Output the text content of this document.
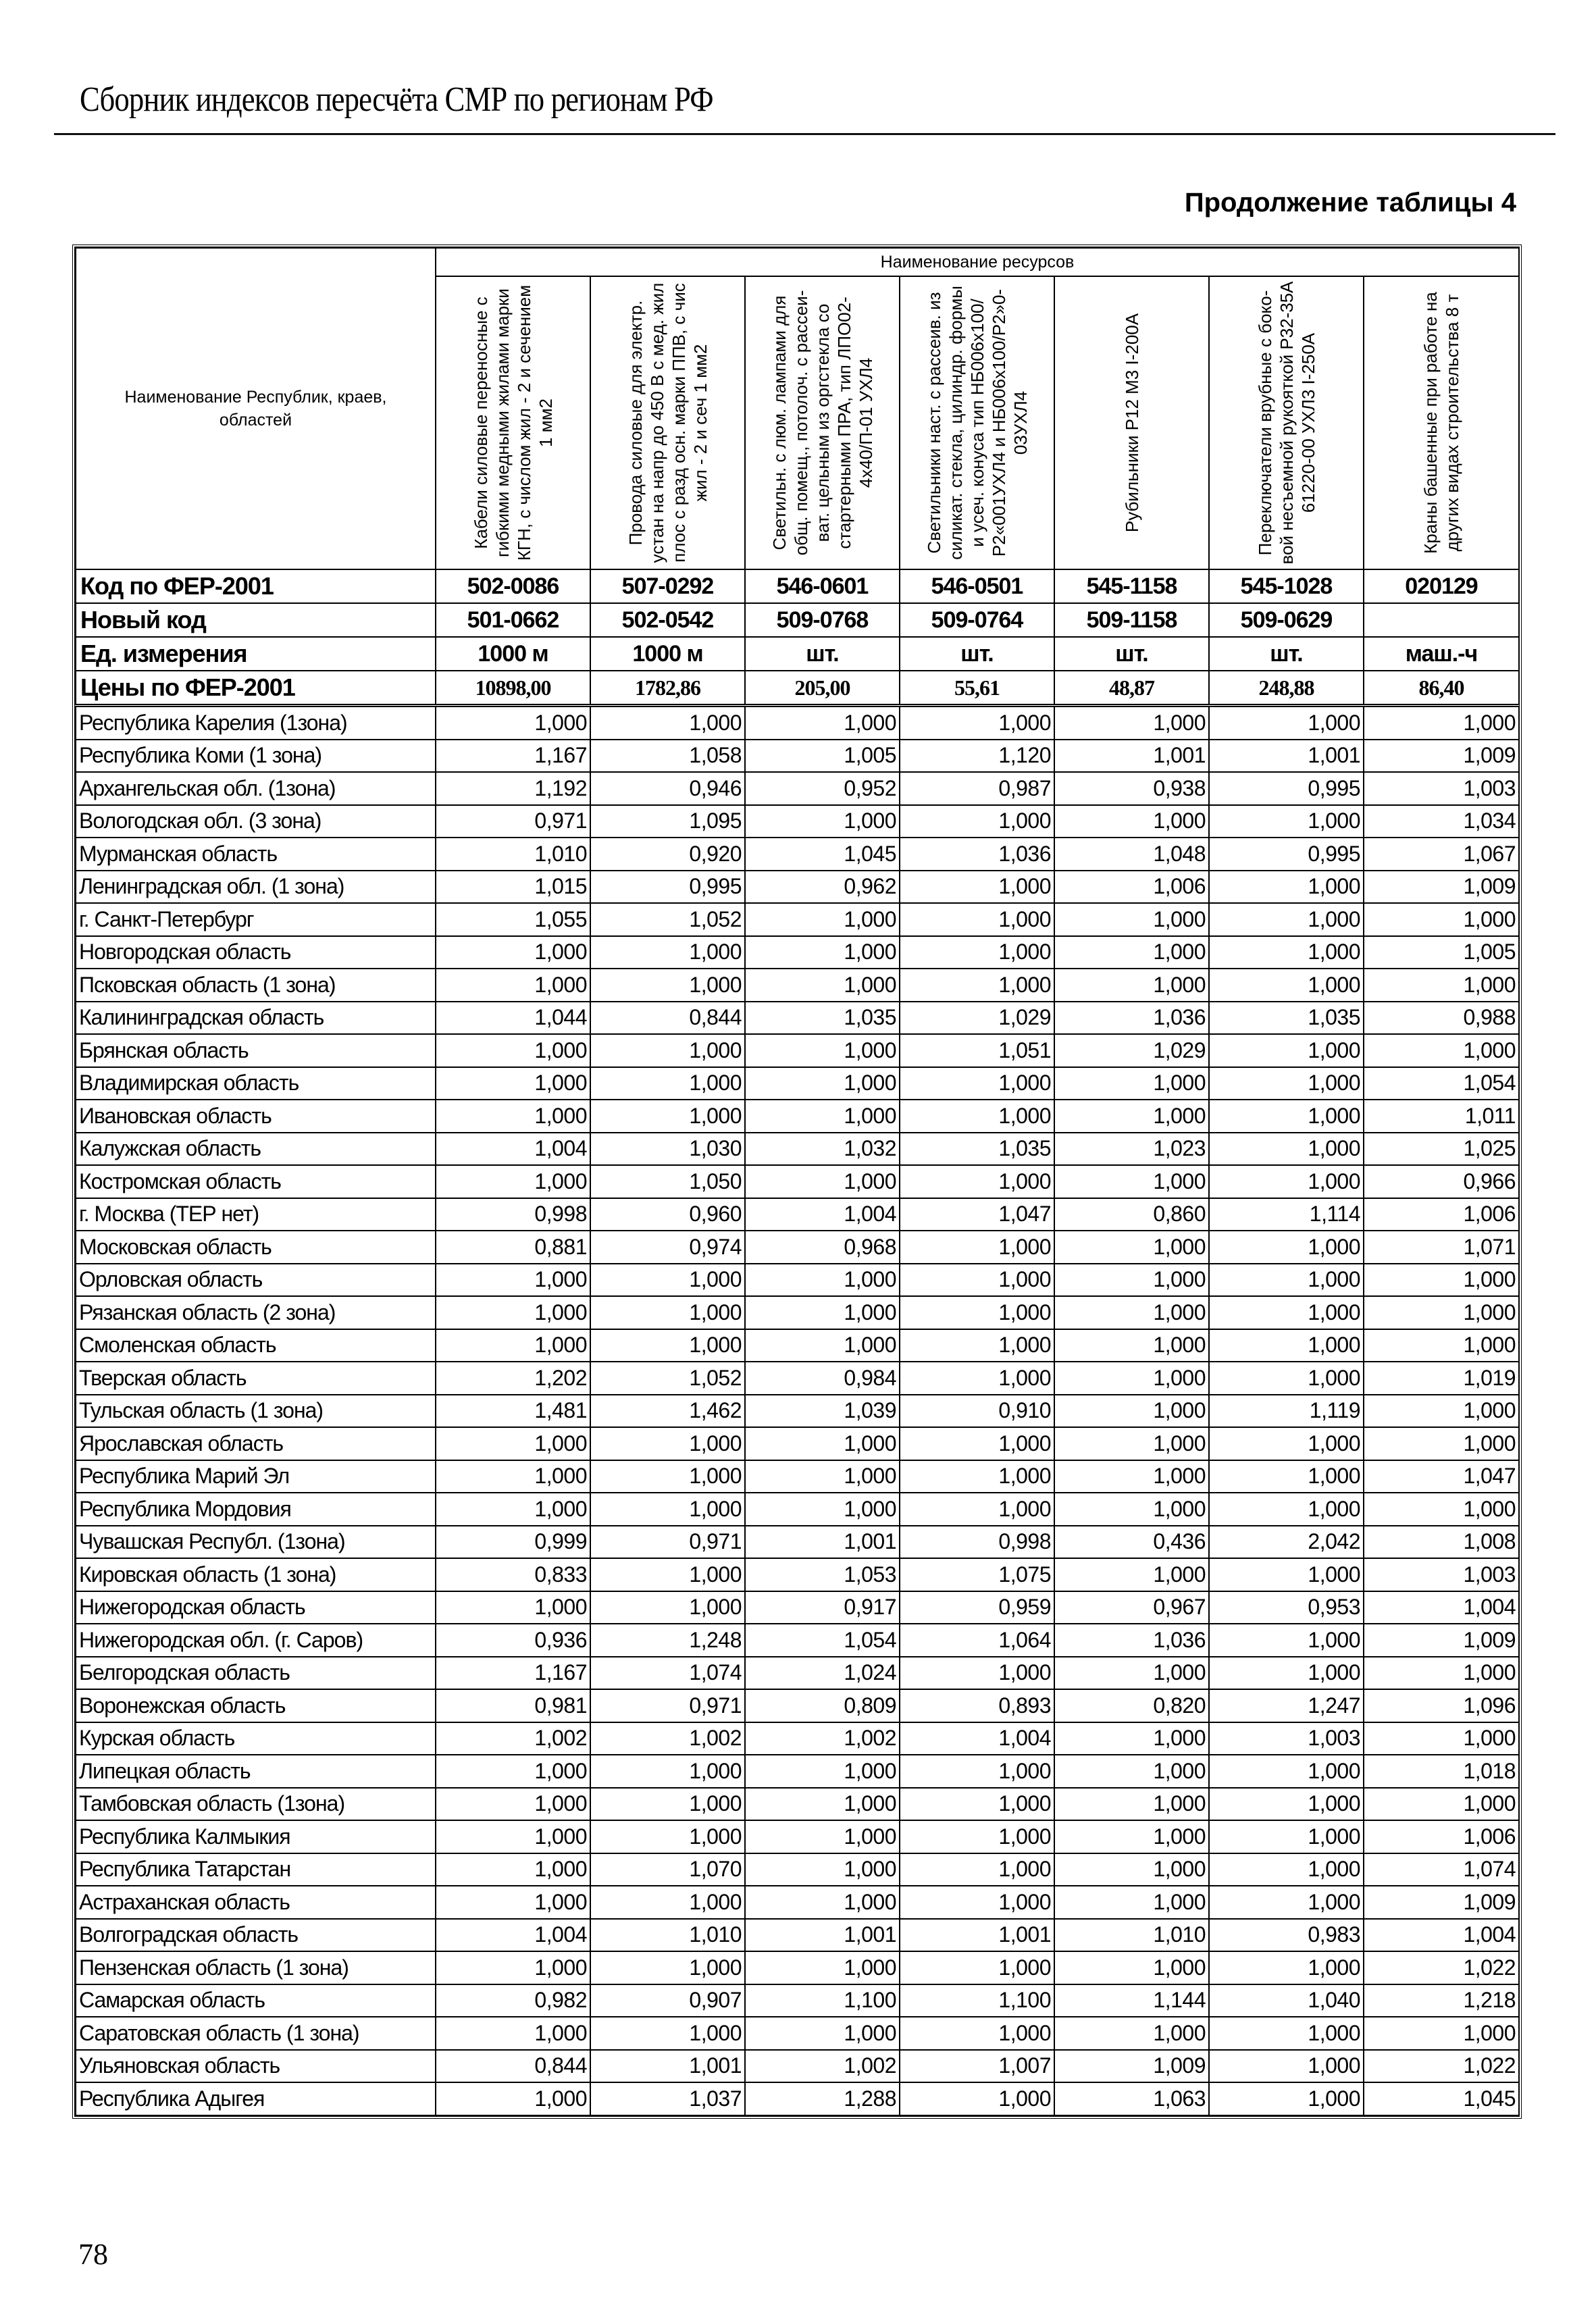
Сборник индексов пересчёта СМР по регионам РФ
Продолжение таблицы 4
Наименование Республик, краев, областей	Наименование ресурсов						

	Кабели силовые переносные с гибкими медными жилами марки КГН, с числом жил - 2 и сечением 1 мм2	Провода силовые для электр. устан на напр до 450 В с мед. жил плос с разд осн. марки ППВ, с чис жил - 2 и сеч 1 мм2	Светильн. с люм. лампами для общ. помещ., потолоч. с рассеи-ват. цельным из оргстекла со стартерными ПРА, тип ЛПО02-4х40/П-01 УХЛ4	Светильники наст. с рассеив. из силикат. стекла, цилиндр. формы и усеч. конуса тип НБ006х100/Р2«001УХЛ4 и НБ006х100/Р2»0-03УХЛ4	Рубильники Р12 М3 I-200А	Переключатели врубные с боко-вой несъемной рукояткой Р32-35А 61220-00 УХЛ3 I-250А	Краны башенные при работе на других видах строительства 8 т

Код по ФЕР-2001	502-0086	507-0292	546-0601	546-0501	545-1158	545-1028	020129
Новый код	501-0662	502-0542	509-0768	509-0764	509-1158	509-0629	
Ед. измерения	1000 м	1000 м	шт.	шт.	шт.	шт.	маш.-ч
Цены по ФЕР-2001	10898,00	1782,86	205,00	55,61	48,87	248,88	86,40
Республика Карелия (1зона)	1,000	1,000	1,000	1,000	1,000	1,000	1,000
Республика Коми (1 зона)	1,167	1,058	1,005	1,120	1,001	1,001	1,009
Архангельская обл. (1зона)	1,192	0,946	0,952	0,987	0,938	0,995	1,003
Вологодская обл. (3 зона)	0,971	1,095	1,000	1,000	1,000	1,000	1,034
Мурманская область	1,010	0,920	1,045	1,036	1,048	0,995	1,067
Ленинградская обл. (1 зона)	1,015	0,995	0,962	1,000	1,006	1,000	1,009
г. Санкт-Петербург	1,055	1,052	1,000	1,000	1,000	1,000	1,000
Новгородская область	1,000	1,000	1,000	1,000	1,000	1,000	1,005
Псковская область (1 зона)	1,000	1,000	1,000	1,000	1,000	1,000	1,000
Калининградская область	1,044	0,844	1,035	1,029	1,036	1,035	0,988
Брянская область	1,000	1,000	1,000	1,051	1,029	1,000	1,000
Владимирская область	1,000	1,000	1,000	1,000	1,000	1,000	1,054
Ивановская область	1,000	1,000	1,000	1,000	1,000	1,000	1,011
Калужская область	1,004	1,030	1,032	1,035	1,023	1,000	1,025
Костромская область	1,000	1,050	1,000	1,000	1,000	1,000	0,966
г. Москва (ТЕР нет)	0,998	0,960	1,004	1,047	0,860	1,114	1,006
Московская область	0,881	0,974	0,968	1,000	1,000	1,000	1,071
Орловская область	1,000	1,000	1,000	1,000	1,000	1,000	1,000
Рязанская область (2 зона)	1,000	1,000	1,000	1,000	1,000	1,000	1,000
Смоленская область	1,000	1,000	1,000	1,000	1,000	1,000	1,000
Тверская область	1,202	1,052	0,984	1,000	1,000	1,000	1,019
Тульская область (1 зона)	1,481	1,462	1,039	0,910	1,000	1,119	1,000
Ярославская область	1,000	1,000	1,000	1,000	1,000	1,000	1,000
Республика Марий Эл	1,000	1,000	1,000	1,000	1,000	1,000	1,047
Республика Мордовия	1,000	1,000	1,000	1,000	1,000	1,000	1,000
Чувашская Республ. (1зона)	0,999	0,971	1,001	0,998	0,436	2,042	1,008
Кировская область (1 зона)	0,833	1,000	1,053	1,075	1,000	1,000	1,003
Нижегородская область	1,000	1,000	0,917	0,959	0,967	0,953	1,004
Нижегородская обл. (г. Саров)	0,936	1,248	1,054	1,064	1,036	1,000	1,009
Белгородская область	1,167	1,074	1,024	1,000	1,000	1,000	1,000
Воронежская область	0,981	0,971	0,809	0,893	0,820	1,247	1,096
Курская область	1,002	1,002	1,002	1,004	1,000	1,003	1,000
Липецкая область	1,000	1,000	1,000	1,000	1,000	1,000	1,018
Тамбовская область (1зона)	1,000	1,000	1,000	1,000	1,000	1,000	1,000
Республика Калмыкия	1,000	1,000	1,000	1,000	1,000	1,000	1,006
Республика Татарстан	1,000	1,070	1,000	1,000	1,000	1,000	1,074
Астраханская область	1,000	1,000	1,000	1,000	1,000	1,000	1,009
Волгоградская область	1,004	1,010	1,001	1,001	1,010	0,983	1,004
Пензенская область (1 зона)	1,000	1,000	1,000	1,000	1,000	1,000	1,022
Самарская область	0,982	0,907	1,100	1,100	1,144	1,040	1,218
Саратовская область (1 зона)	1,000	1,000	1,000	1,000	1,000	1,000	1,000
Ульяновская область	0,844	1,001	1,002	1,007	1,009	1,000	1,022
Республика Адыгея	1,000	1,037	1,288	1,000	1,063	1,000	1,045
78
